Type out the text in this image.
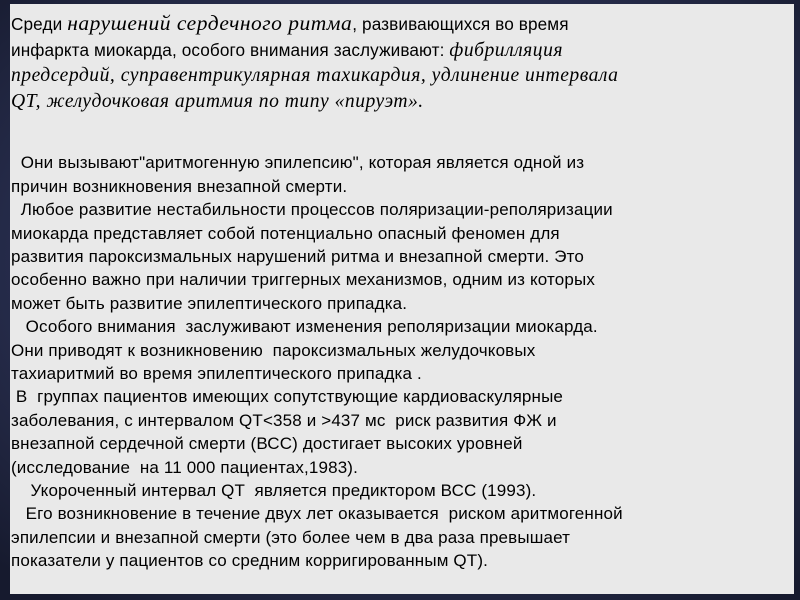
Среди нарушений сердечного ритма, развивающихся во время
инфаркта миокарда, особого внимания заслуживают: фибрилляция
предсердий, суправентрикулярная тахикардия, удлинение интервала
QT, желудочковая аритмия по типу «пируэт».

Они вызывают"аритмогенную эпилепсию", которая является одной из
причин возникновения внезапной смерти.
Любое развитие нестабильности процессов поляризации-реполяризации
миокарда представляет собой потенциально опасный феномен для
развития пароксизмальных нарушений ритма и внезапной смерти. Это
особенно важно при наличии триггерных механизмов, одним из которых
может быть развитие эпилептического припадка.
Особого внимания  заслуживают изменения реполяризации миокарда.
Они приводят к возникновению  пароксизмальных желудочковых
тахиаритмий во время эпилептического припадка .
В  группах пациентов имеющих сопутствующие кардиоваскулярные
заболевания, с интервалом QT<358 и >437 мс  риск развития ФЖ и
внезапной сердечной смерти (ВСС) достигает высоких уровней
(исследование  на 11 000 пациентах,1983).
Укороченный интервал QT  является предиктором ВСС (1993).
Его возникновение в течение двух лет оказывается  риском аритмогенной
эпилепсии и внезапной смерти (это более чем в два раза превышает
показатели у пациентов со средним корригированным QT).
